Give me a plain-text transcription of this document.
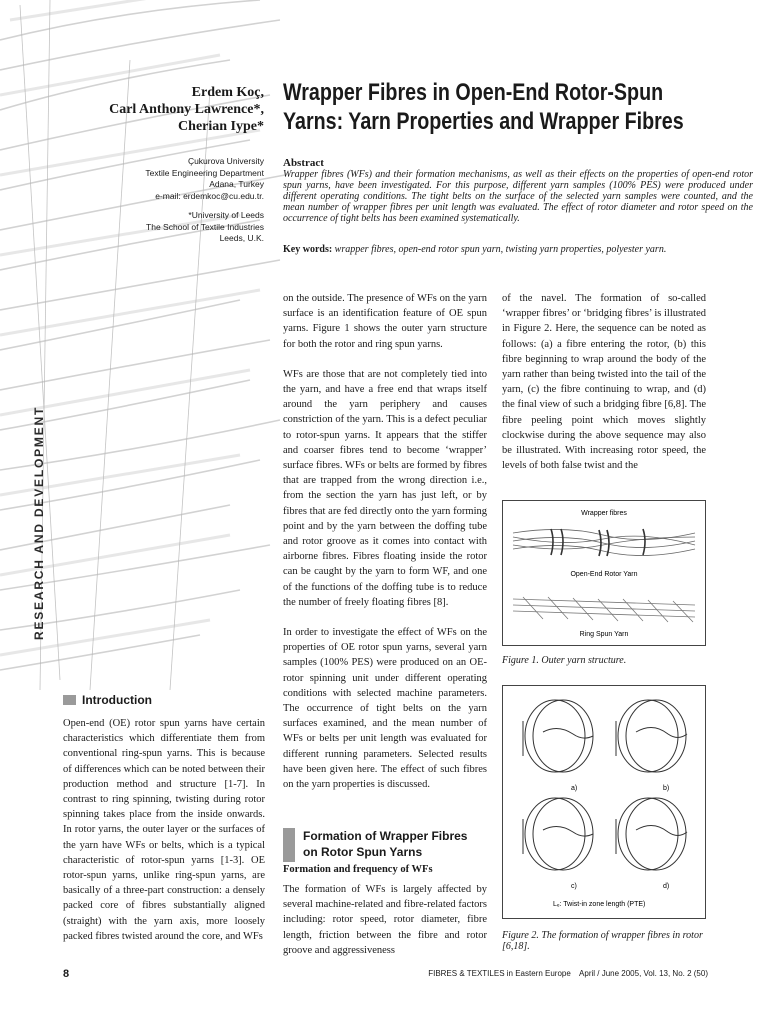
Erdem Koç,
Carl Anthony Lawrence*,
Cherian Iype*
Çukurova University
Textile Engineering Department
Adana, Turkey
e-mail: erdemkoc@cu.edu.tr.
*University of Leeds
The School of Textile Industries
Leeds, U.K.
RESEARCH AND DEVELOPMENT
Wrapper Fibres in Open-End Rotor-Spun
Yarns: Yarn Properties and Wrapper Fibres
Abstract

Wrapper fibres (WFs) and their formation mechanisms, as well as their effects on the properties of open-end rotor spun yarns, have been investigated. For this purpose, different yarn samples (100% PES) were produced under different operating conditions. The tight belts on the surface of the selected yarn samples were counted, and the mean number of wrapper fibres per unit length was evaluated. The effect of rotor diameter and rotor speed on the occurrence of tight belts has been examined systematically.

Key words: wrapper fibres, open-end rotor spun yarn, twisting yarn properties, polyester yarn.
Introduction

Open-end (OE) rotor spun yarns have certain characteristics which differentiate them from conventional ring-spun yarns. This is because of differences which can be noted between their production method and structure [1-7]. In contrast to ring spinning, twisting during rotor spinning takes place from the inside onwards. In rotor yarns, the outer layer or the surfaces of the yarn have WFs or belts, which is a typical characteristic of rotor-spun yarns [1-3]. OE rotor-spun yarns, unlike ring-spun yarns, are basically of a three-part construction: a densely packed core of fibres substantially aligned (straight) with the yarn axis, more loosely packed fibres twisted around the core, and WFs

on the outside. The presence of WFs on the yarn surface is an identification feature of OE spun yarns. Figure 1 shows the outer yarn structure for both the rotor and ring spun yarns.

WFs are those that are not completely tied into the yarn, and have a free end that wraps itself around the yarn periphery and causes constriction of the yarn. This is a defect peculiar to rotor-spun yarns. It appears that the stiffer and coarser fibres tend to become ‘wrapper’ surface fibres. WFs or belts are formed by fibres that are trapped from the wrong direction i.e., from the section the yarn has just left, or by fibres that are fed directly onto the yarn forming point and by the yarn between the doffing tube and rotor groove as it comes into contact with airborne fibres. Fibres floating inside the rotor can be caught by the yarn to form WF, and one of the functions of the doffing tube is to reduce the number of freely floating fibres [8].

In order to investigate the effect of WFs on the properties of OE rotor spun yarns, several yarn samples (100% PES) were produced on an OE-rotor spinning unit under different operating conditions with selected machine parameters. The occurrence of tight belts on the yarn surfaces examined, and the mean number of WFs or belts per unit length was evaluated for different running parameters. Selected results have been given here. The effect of such fibres on the yarn properties is discussed.

Formation of Wrapper Fibres
on Rotor Spun Yarns
Formation and frequency of WFs

The formation of WFs is largely affected by several machine-related and fibre-related factors including: rotor speed, rotor diameter, fibre length, friction between the fibre and rotor groove and aggressiveness

of the navel. The formation of so-called ‘wrapper fibres’ or ‘bridging fibres’ is illustrated in Figure 2. Here, the sequence can be noted as follows: (a) a fibre entering the rotor, (b) this fibre beginning to wrap around the body of the yarn rather than being twisted into the tail of the yarn, (c) the fibre continuing to wrap, and (d) the final view of such a bridging fibre [6,8]. The fibre peeling point which moves slightly clockwise during the above sequence may also be illustrated. With increasing rotor speed, the levels of both false twist and the

Wrapper fibres
Open-End Rotor Yarn
Ring Spun Yarn
Figure 1. Outer yarn structure.
a)	b)
c)	d)
Lₑ: Twist-in zone length (PTE)
Figure 2. The formation of wrapper fibres in rotor [6,18].
8	FIBRES & TEXTILES in Eastern Europe April / June 2005, Vol. 13, No. 2 (50)
